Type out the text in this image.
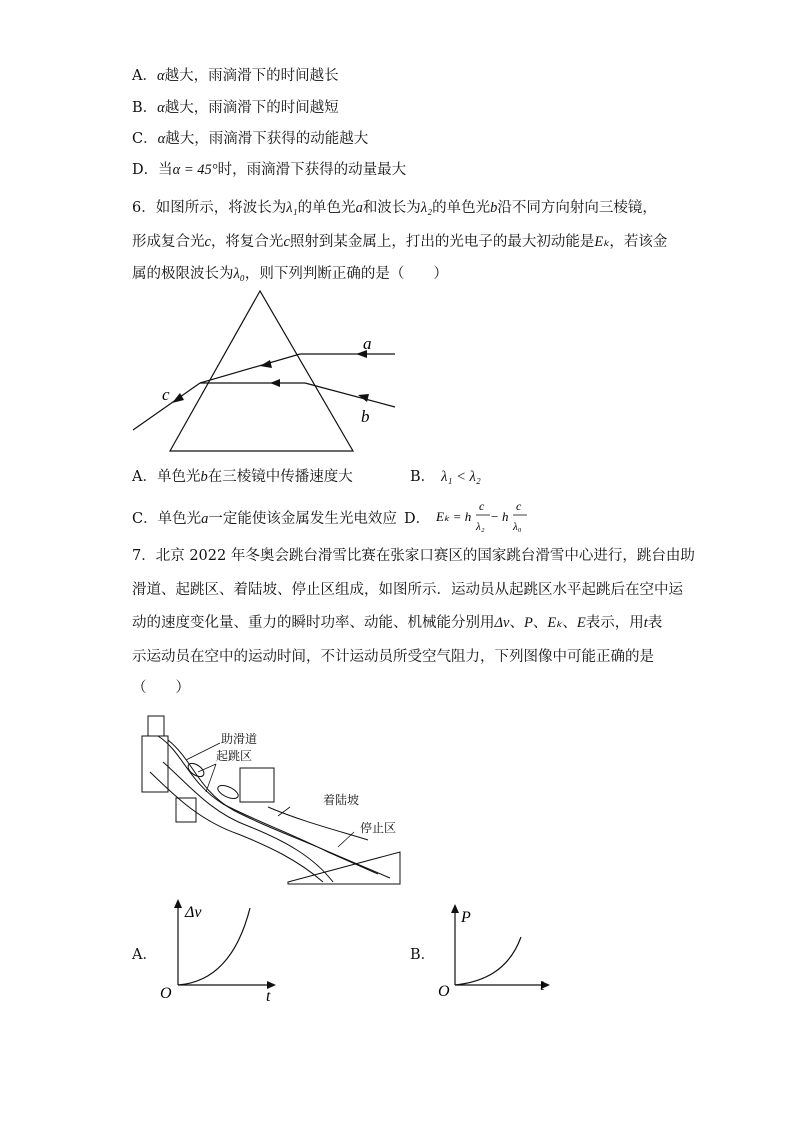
A．α越大，雨滴滑下的时间越长
B．α越大，雨滴滑下的时间越短
C．α越大，雨滴滑下获得的动能越大
D．当α = 45°时，雨滴滑下获得的动量最大
6．如图所示，将波长为λ₁的单色光a和波长为λ₂的单色光b沿不同方向射向三棱镜，
形成复合光c，将复合光c照射到某金属上，打出的光电子的最大初动能是Eₖ，若该金
属的极限波长为λ₀，则下列判断正确的是（　　）
a
b
c
A．单色光b在三棱镜中传播速度大	B． λ₁ < λ₂
C．单色光a一定能使该金属发生光电效应 D． Eₖ = h
c
λ₂
− h
c
λ₀
7．北京 2022 年冬奥会跳台滑雪比赛在张家口赛区的国家跳台滑雪中心进行，跳台由助
滑道、起跳区、着陆坡、停止区组成，如图所示．运动员从起跳区水平起跳后在空中运
动的速度变化量、重力的瞬时功率、动能、机械能分别用Δv、P、Eₖ、E表示，用t表
示运动员在空中的运动时间，不计运动员所受空气阻力，下列图像中可能正确的是
（　　）
助滑道
起跳区
着陆坡
停止区
A．
Δv
t
O
B．
P
t
O
